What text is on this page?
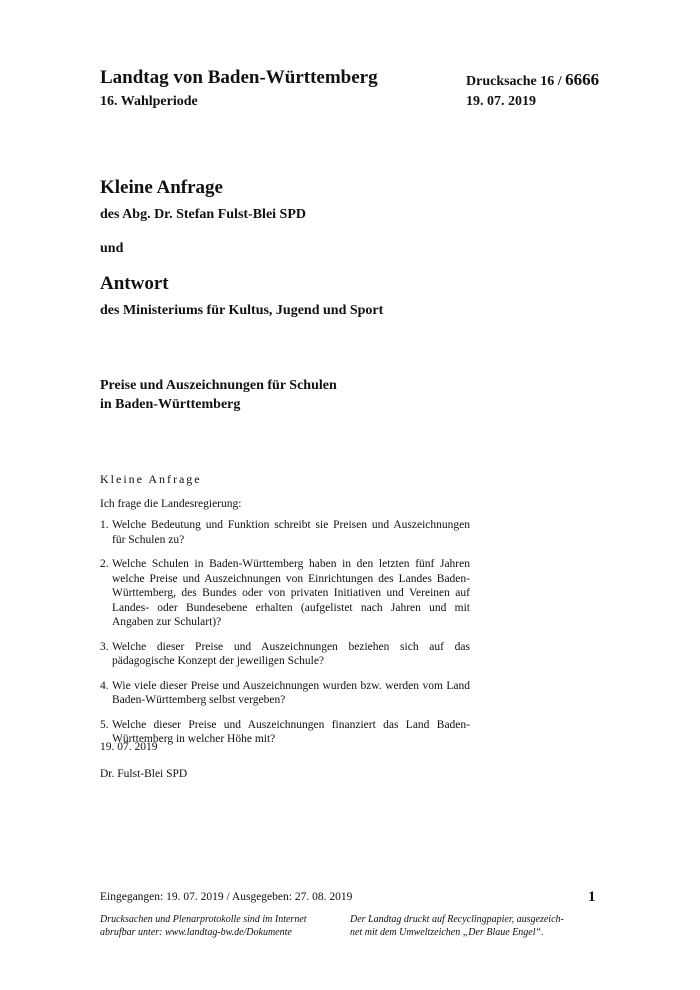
Landtag von Baden-Württemberg
16. Wahlperiode
Drucksache 16 / 6666
19. 07. 2019
Kleine Anfrage
des Abg. Dr. Stefan Fulst-Blei SPD
und
Antwort
des Ministeriums für Kultus, Jugend und Sport
Preise und Auszeichnungen für Schulen
in Baden-Württemberg
Kleine Anfrage
Ich frage die Landesregierung:
1. Welche Bedeutung und Funktion schreibt sie Preisen und Auszeichnungen für Schulen zu?
2. Welche Schulen in Baden-Württemberg haben in den letzten fünf Jahren welche Preise und Auszeichnungen von Einrichtungen des Landes Baden-Württemberg, des Bundes oder von privaten Initiativen und Vereinen auf Landes- oder Bundesebene erhalten (aufgelistet nach Jahren und mit Angaben zur Schulart)?
3. Welche dieser Preise und Auszeichnungen beziehen sich auf das pädagogische Konzept der jeweiligen Schule?
4. Wie viele dieser Preise und Auszeichnungen wurden bzw. werden vom Land Baden-Württemberg selbst vergeben?
5. Welche dieser Preise und Auszeichnungen finanziert das Land Baden-Württemberg in welcher Höhe mit?
19. 07. 2019
Dr. Fulst-Blei SPD
Eingegangen: 19. 07. 2019 / Ausgegeben: 27. 08. 2019	1
Drucksachen und Plenarprotokolle sind im Internet
abrufbar unter: www.landtag-bw.de/Dokumente
Der Landtag druckt auf Recyclingpapier, ausgezeich-
net mit dem Umweltzeichen „Der Blaue Engel“.
